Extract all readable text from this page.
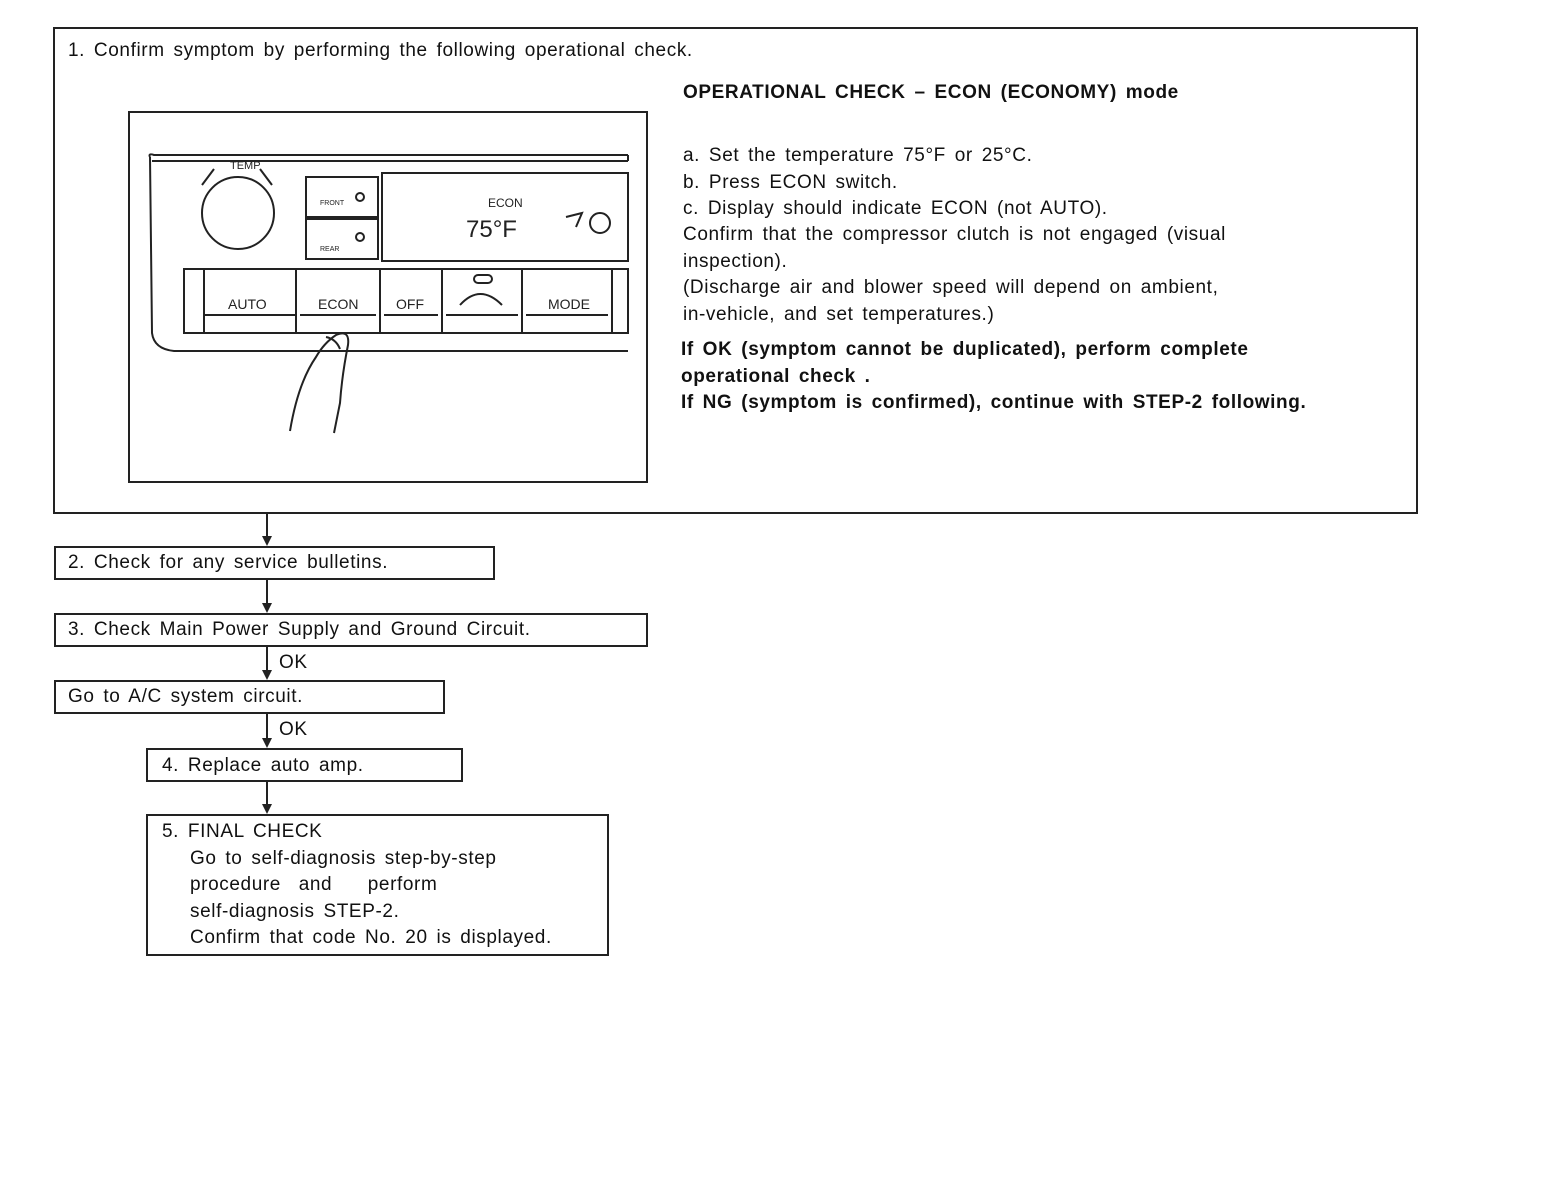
1. Confirm symptom by performing the following operational check.
TEMP
FRONT
REAR
ECON
75°F
AUTO	ECON	OFF	MODE
OPERATIONAL CHECK – ECON (ECONOMY) mode
a. Set the temperature 75°F or 25°C.
b. Press ECON switch.
c. Display should indicate ECON (not AUTO).
Confirm that the compressor clutch is not engaged (visual
inspection).
(Discharge air and blower speed will depend on ambient,
in-vehicle, and set temperatures.)
If OK (symptom cannot be duplicated), perform complete
operational check .
If NG (symptom is confirmed), continue with STEP-2 following.
2. Check for any service bulletins.
3. Check Main Power Supply and Ground Circuit.
OK
Go to A/C system circuit.
OK
4. Replace auto amp.
5. FINAL CHECK
Go to self-diagnosis step-by-step
procedure  and    perform
self-diagnosis STEP-2.
Confirm that code No. 20 is displayed.
